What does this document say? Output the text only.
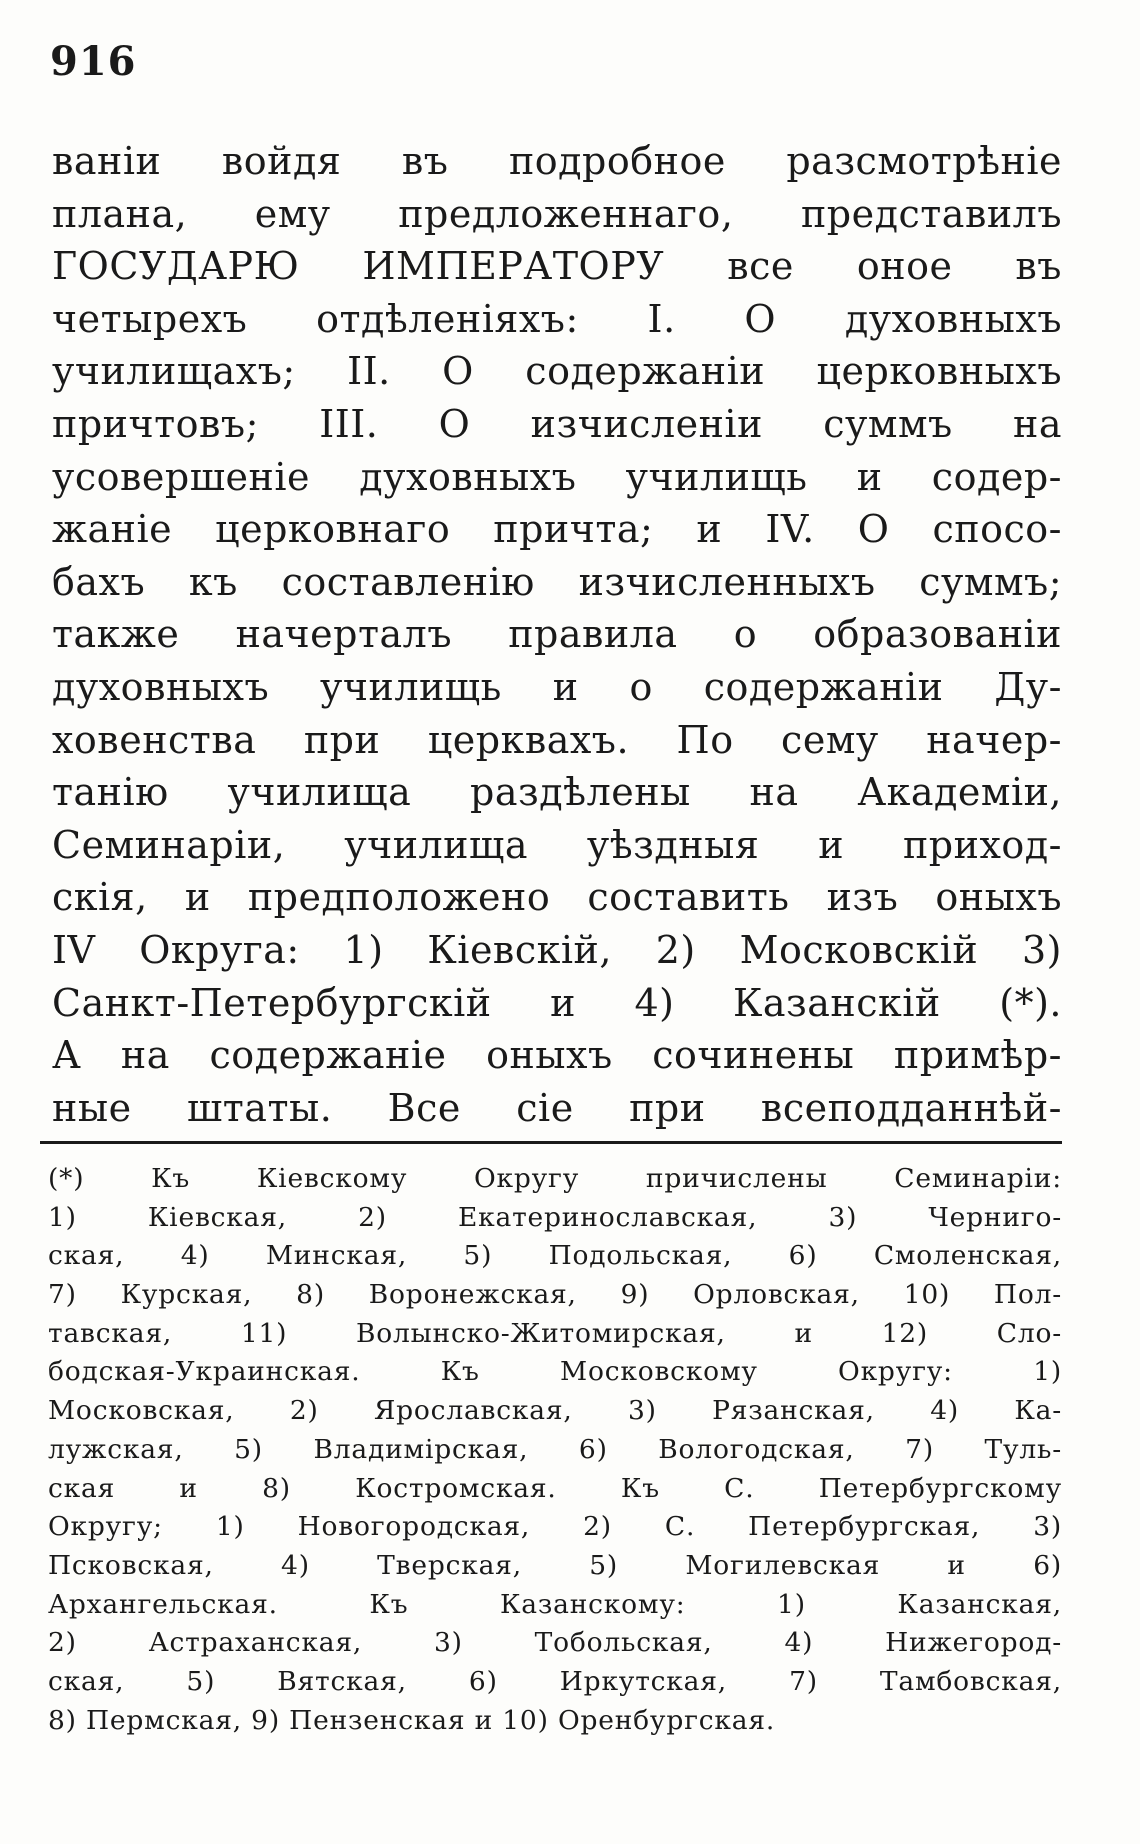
916
ванiи войдя въ подробное разсмотрѣнiе
плана, ему предложеннаго, представилъ
ГОСУДАРЮ ИМПЕРАТОРУ все оное въ
четырехъ отдѣленiяхъ: I. О духовныхъ
училищахъ; II. О содержанiи церковныхъ
причтовъ; III. О изчисленiи суммъ на
усовершенiе духовныхъ училищь и содер-
жанiе церковнаго причта; и IV. О спосо-
бахъ къ составленiю изчисленныхъ суммъ;
также начерталъ правила о образованiи
духовныхъ училищь и о содержанiи Ду-
ховенства при церквахъ. По сему начер-
танiю училища раздѣлены на Академiи,
Семинарiи, училища уѣздныя и приход-
скiя, и предположено составить изъ оныхъ
IV Округа: 1) Кiевскiй, 2) Московскiй 3)
Санкт-Петербургскiй и 4) Казанскiй (*).
А на содержанiе оныхъ сочинены примѣр-
ные штаты. Все сiе при всеподданнѣй-
(*) Къ Кiевскому Округу причислены Семинарiи:
1) Кiевская, 2) Екатеринославская, 3) Черниго-
ская, 4) Минская, 5) Подольская, 6) Смоленская,
7) Курская, 8) Воронежская, 9) Орловская, 10) Пол-
тавская, 11) Волынско-Житомирская, и 12) Сло-
бодская-Украинская. Къ Московскому Округу: 1)
Московская, 2) Ярославская, 3) Рязанская, 4) Ка-
лужская, 5) Владимiрская, 6) Вологодская, 7) Туль-
ская и 8) Костромская. Къ С. Петербургскому
Округу; 1) Новогородская, 2) С. Петербургская, 3)
Псковская, 4) Тверская, 5) Могилевская и 6)
Архангельская. Къ Казанскому: 1) Казанская,
2) Астраханская, 3) Тобольская, 4) Нижегород-
ская, 5) Вятская, 6) Иркутская, 7) Тамбовская,
8) Пермская, 9) Пензенская и 10) Оренбургская.
